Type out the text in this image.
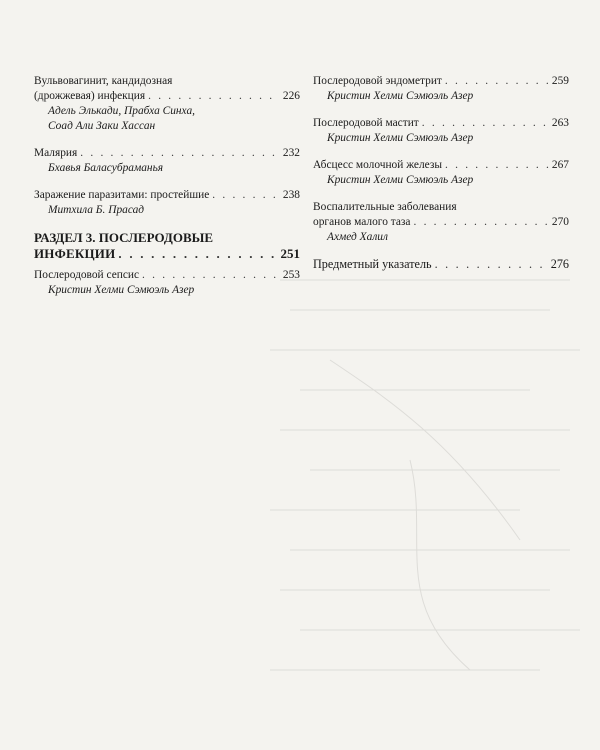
Вульвовагинит, кандидозная
(дрожжевая) инфекция . . .	226
Адель Элькади, Прабха Синха,
Соад Али Заки Хассан
Малярия . . .	232
Бхавья Баласубраманья
Заражение паразитами: простейшие . . .	238
Митхила Б. Прасад
РАЗДЕЛ 3. ПОСЛЕРОДОВЫЕ
ИНФЕКЦИИ . . .	251
Послеродовой сепсис . . .	253
Кристин Хелми Сэмюэль Азер
Послеродовой эндометрит . . .	259
Кристин Хелми Сэмюэль Азер
Послеродовой мастит . . .	263
Кристин Хелми Сэмюэль Азер
Абсцесс молочной железы . . .	267
Кристин Хелми Сэмюэль Азер
Воспалительные заболевания
органов малого таза . . .	270
Ахмед Халил
Предметный указатель . . .	276
